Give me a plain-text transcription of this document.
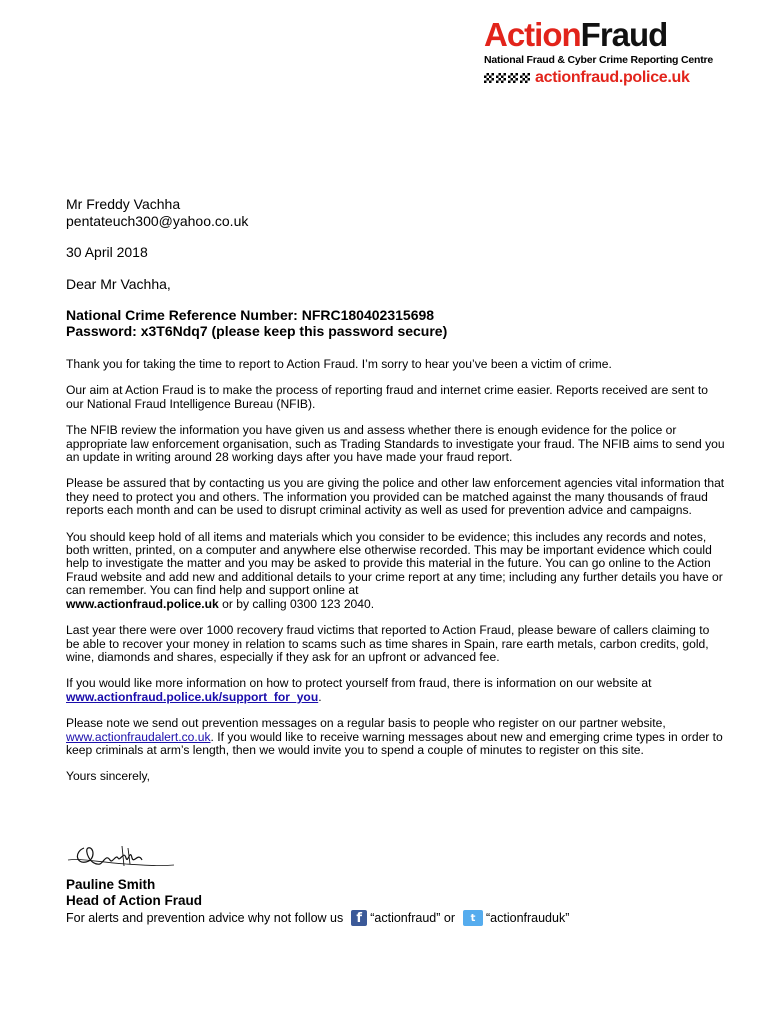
ActionFraud
National Fraud & Cyber Crime Reporting Centre
actionfraud.police.uk
Mr Freddy Vachha
pentateuch300@yahoo.co.uk
30 April 2018
Dear Mr Vachha,
National Crime Reference Number: NFRC180402315698
Password: x3T6Ndq7 (please keep this password secure)

Thank you for taking the time to report to Action Fraud. I’m sorry to hear you’ve been a victim of crime.

Our aim at Action Fraud is to make the process of reporting fraud and internet crime easier. Reports received are sent to our National Fraud Intelligence Bureau (NFIB).

The NFIB review the information you have given us and assess whether there is enough evidence for the police or appropriate law enforcement organisation, such as Trading Standards to investigate your fraud. The NFIB aims to send you an update in writing around 28 working days after you have made your fraud report.

Please be assured that by contacting us you are giving the police and other law enforcement agencies vital information that they need to protect you and others. The information you provided can be matched against the many thousands of fraud reports each month and can be used to disrupt criminal activity as well as used for prevention advice and campaigns.

You should keep hold of all items and materials which you consider to be evidence; this includes any records and notes, both written, printed, on a computer and anywhere else otherwise recorded. This may be important evidence which could help to investigate the matter and you may be asked to provide this material in the future. You can go online to the Action Fraud website and add new and additional details to your crime report at any time; including any further details you have or can remember. You can find help and support online at
www.actionfraud.police.uk or by calling 0300 123 2040.

Last year there were over 1000 recovery fraud victims that reported to Action Fraud, please beware of callers claiming to be able to recover your money in relation to scams such as time shares in Spain, rare earth metals, carbon credits, gold, wine, diamonds and shares, especially if they ask for an upfront or advanced fee.

If you would like more information on how to protect yourself from fraud, there is information on our website at
www.actionfraud.police.uk/support_for_you.

Please note we send out prevention messages on a regular basis to people who register on our partner website,
www.actionfraudalert.co.uk. If you would like to receive warning messages about new and emerging crime types in order to keep criminals at arm’s length, then we would invite you to spend a couple of minutes to register on this site.

Yours sincerely,

Pauline Smith
Head of Action Fraud
For alerts and prevention advice why not follow us	f “actionfraud” or	t “actionfrauduk”
